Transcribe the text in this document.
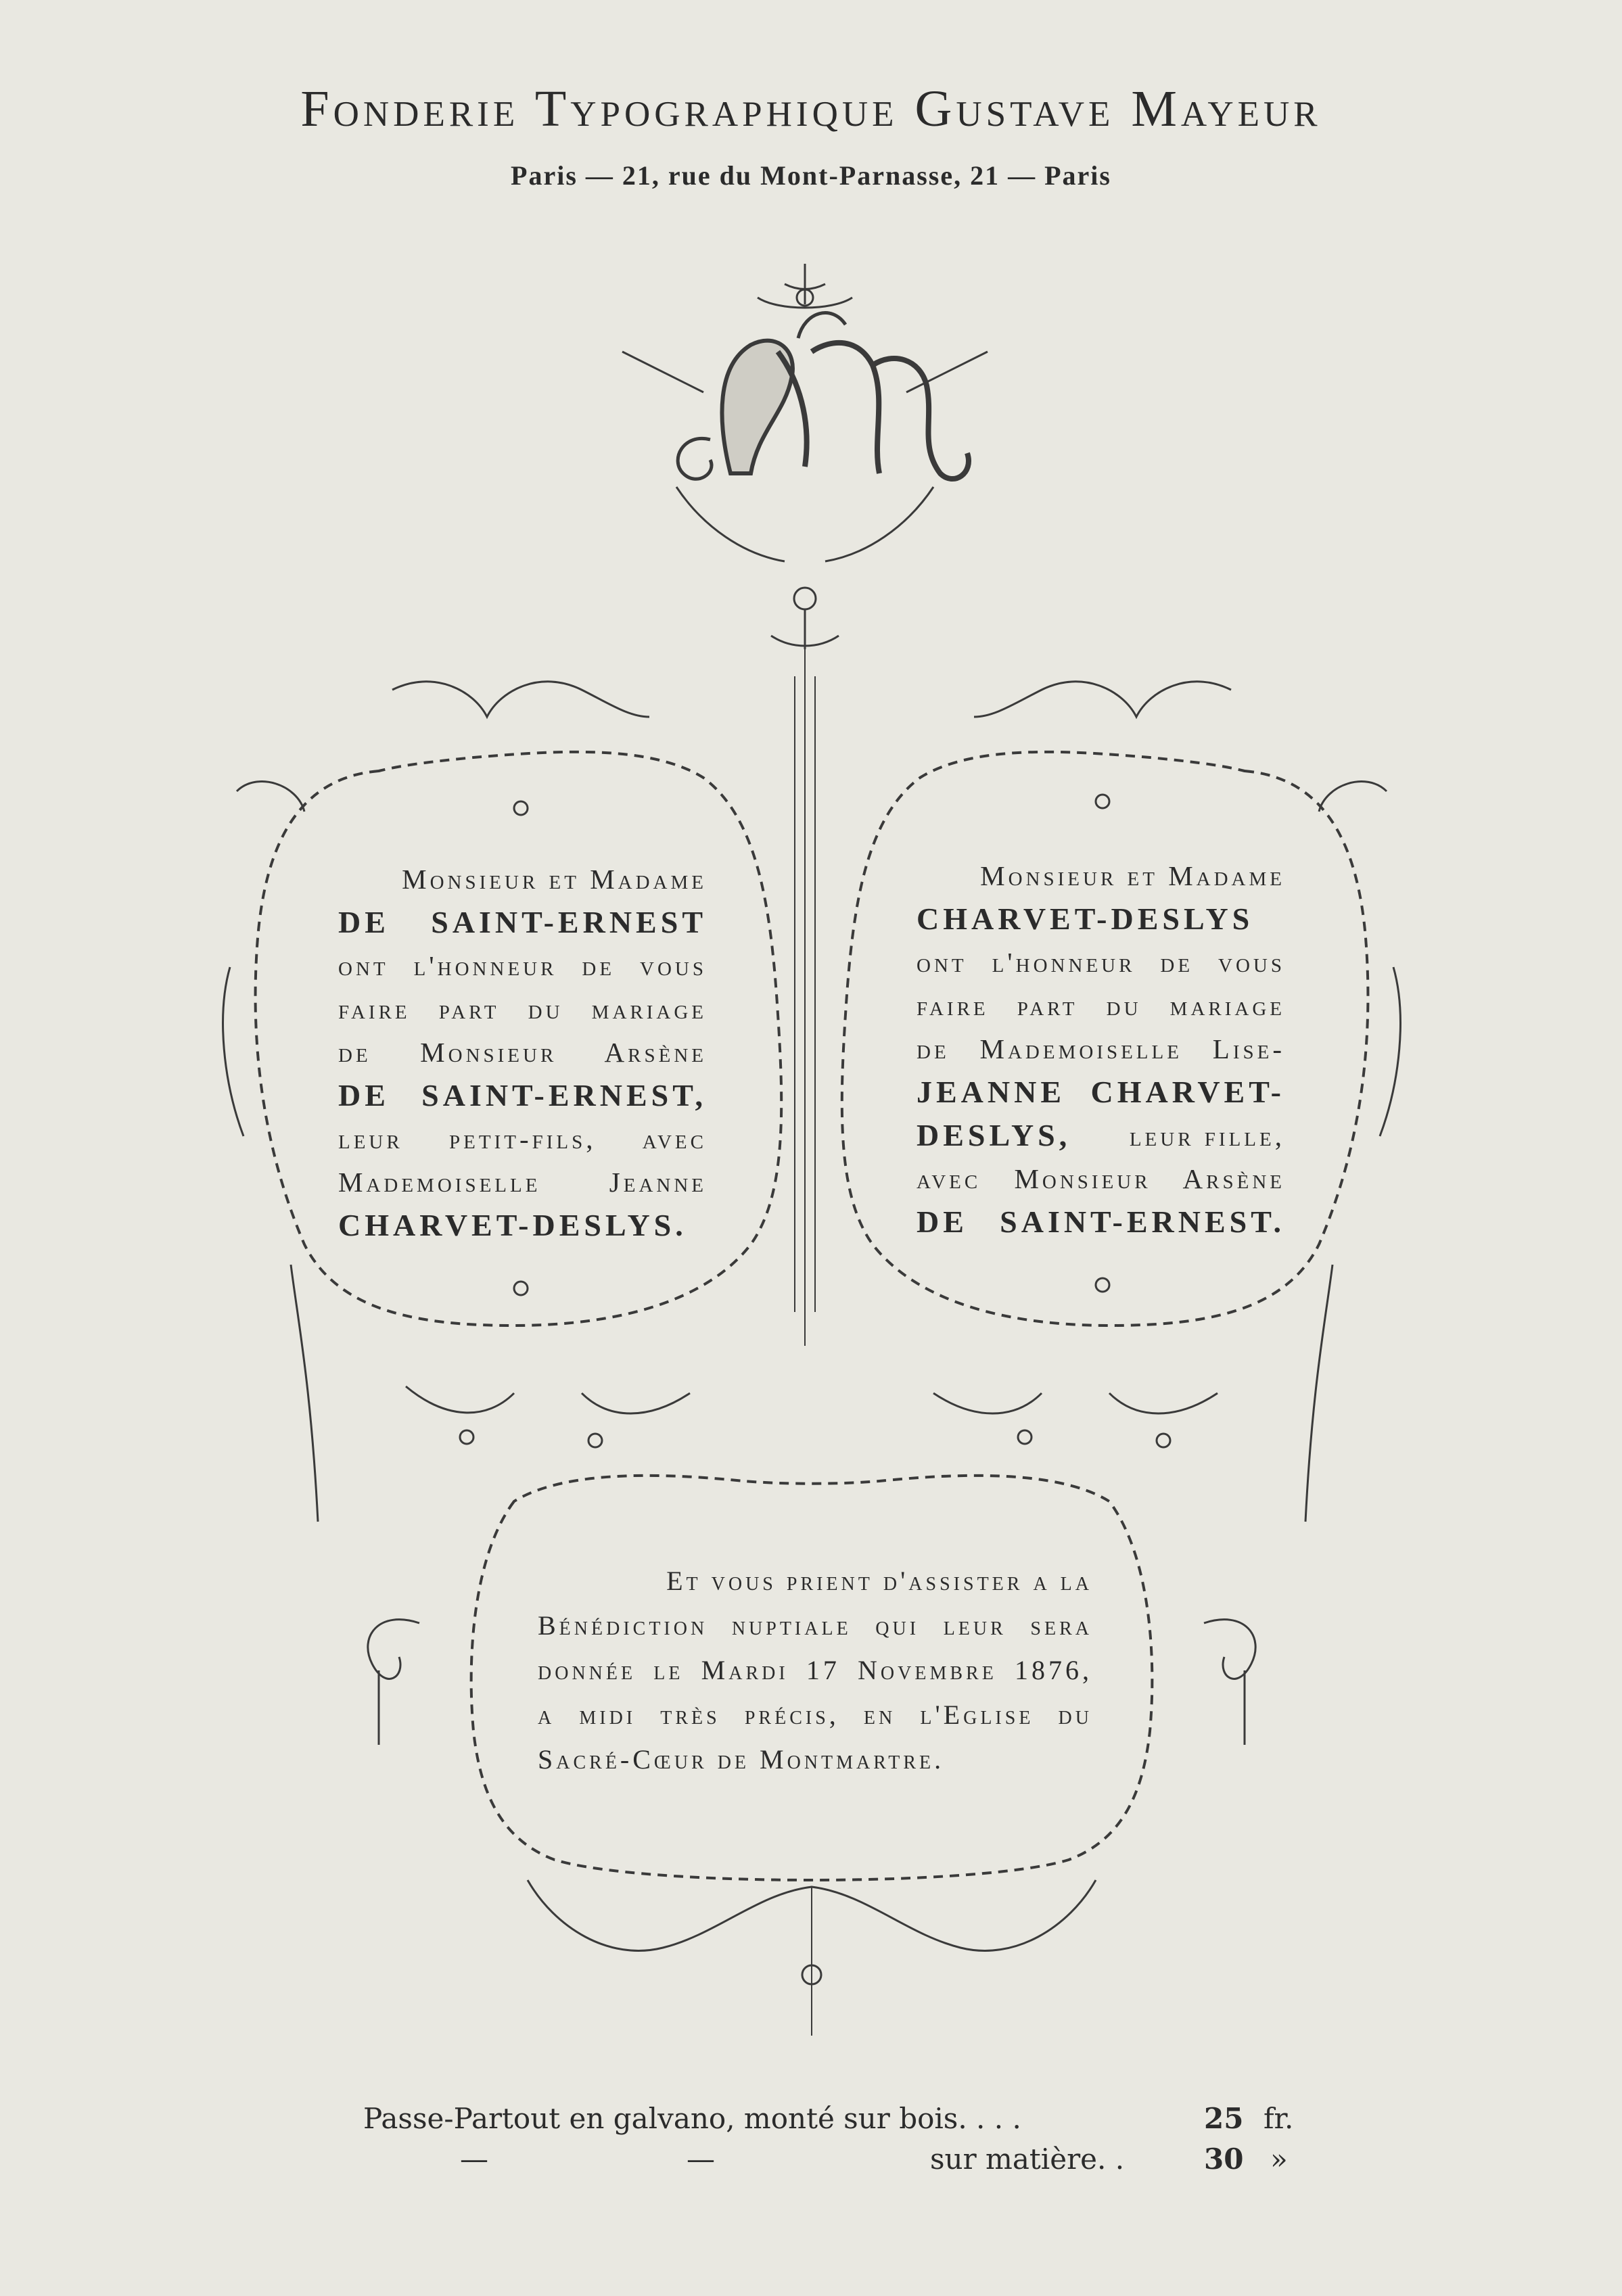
Fonderie Typographique Gustave Mayeur
Paris — 21, rue du Mont-Parnasse, 21 — Paris
Monsieur et Madame
DE SAINT-ERNEST
ont l'honneur de vous
faire part du mariage
de Monsieur Arsène
DE SAINT-ERNEST,
leur petit-fils, avec
Mademoiselle Jeanne
CHARVET-DESLYS.
Monsieur et Madame
CHARVET-DESLYS
ont l'honneur de vous
faire part du mariage
de Mademoiselle Lise-
JEANNE CHARVET-
DESLYS, leur fille,
avec Monsieur Arsène
DE SAINT-ERNEST.
Et vous prient d'assister a la
Bénédiction nuptiale qui leur sera
donnée le Mardi 17 Novembre 1876,
a midi très précis, en l'Eglise du
Sacré-Cœur de Montmartre.
Passe-Partout en galvano, monté sur bois. . . .	25 fr.
—	—	sur matière. .	30 »
